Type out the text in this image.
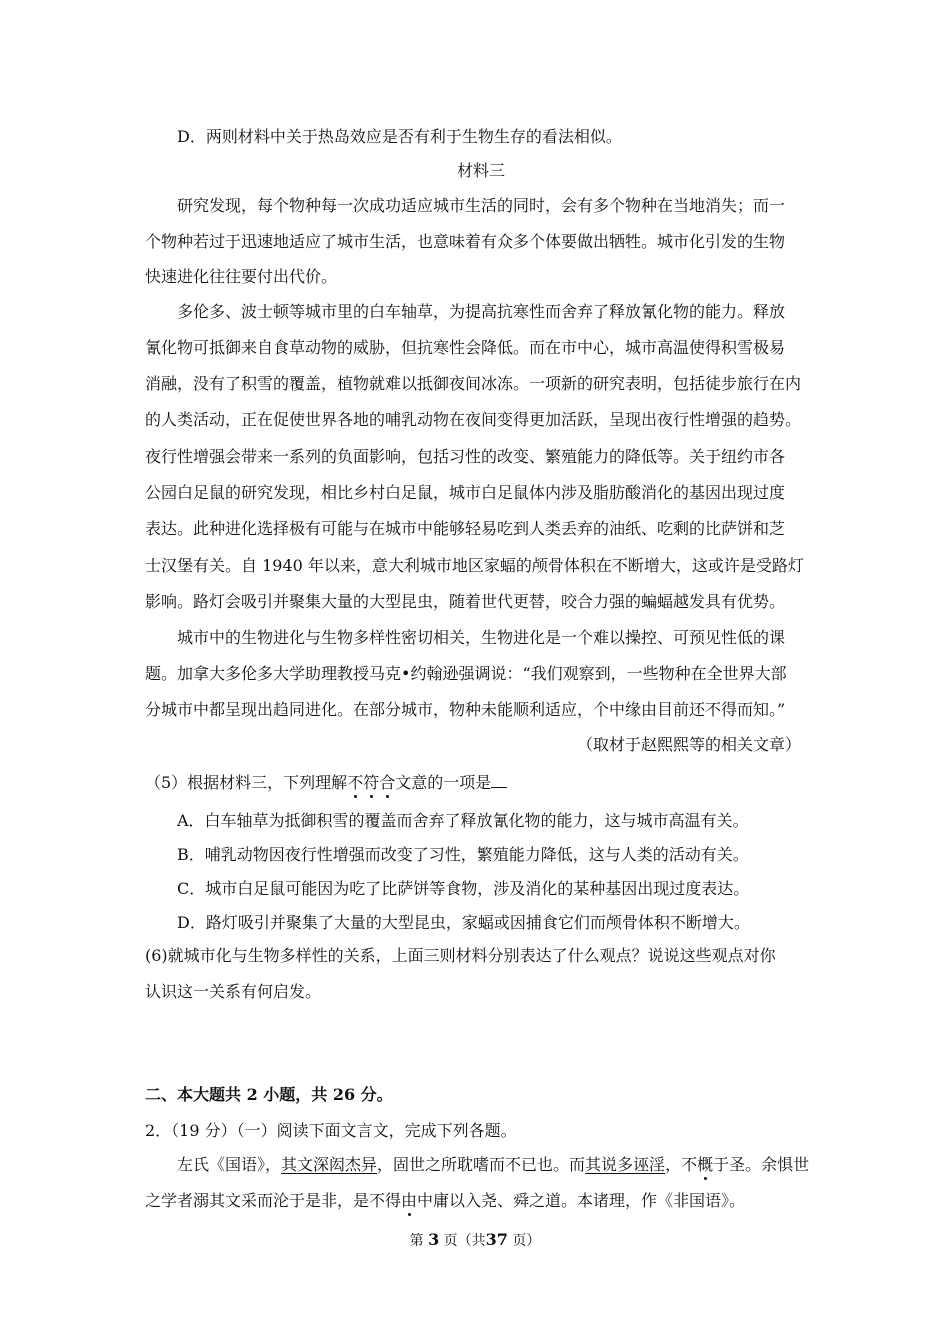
D．两则材料中关于热岛效应是否有利于生物生存的看法相似。
材料三
研究发现，每个物种每一次成功适应城市生活的同时，会有多个物种在当地消失；而一
个物种若过于迅速地适应了城市生活，也意味着有众多个体要做出牺牲。城市化引发的生物
快速进化往往要付出代价。
多伦多、波士顿等城市里的白车轴草，为提高抗寒性而舍弃了释放氰化物的能力。释放
氰化物可抵御来自食草动物的威胁，但抗寒性会降低。而在市中心，城市高温使得积雪极易
消融，没有了积雪的覆盖，植物就难以抵御夜间冰冻。一项新的研究表明，包括徒步旅行在内
的人类活动，正在促使世界各地的哺乳动物在夜间变得更加活跃，呈现出夜行性增强的趋势。
夜行性增强会带来一系列的负面影响，包括习性的改变、繁殖能力的降低等。关于纽约市各
公园白足鼠的研究发现，相比乡村白足鼠，城市白足鼠体内涉及脂肪酸消化的基因出现过度
表达。此种进化选择极有可能与在城市中能够轻易吃到人类丢弃的油纸、吃剩的比萨饼和芝
士汉堡有关。自 1940 年以来，意大利城市地区家蝠的颅骨体积在不断增大，这或许是受路灯
影响。路灯会吸引并聚集大量的大型昆虫，随着世代更替，咬合力强的蝙蝠越发具有优势。
城市中的生物进化与生物多样性密切相关，生物进化是一个难以操控、可预见性低的课
题。加拿大多伦多大学助理教授马克•约翰逊强调说：“我们观察到，一些物种在全世界大部
分城市中都呈现出趋同进化。在部分城市，物种未能顺利适应，个中缘由目前还不得而知。”
（取材于赵熙熙等的相关文章）
（5）根据材料三，下列理解不符合文意的一项是
A．白车轴草为抵御积雪的覆盖而舍弃了释放氰化物的能力，这与城市高温有关。
B．哺乳动物因夜行性增强而改变了习性，繁殖能力降低，这与人类的活动有关。
C．城市白足鼠可能因为吃了比萨饼等食物，涉及消化的某种基因出现过度表达。
D．路灯吸引并聚集了大量的大型昆虫，家蝠或因捕食它们而颅骨体积不断增大。
(6)就城市化与生物多样性的关系，上面三则材料分别表达了什么观点？说说这些观点对你
认识这一关系有何启发。
二、本大题共 2 小题，共 26 分。
2．（19 分）（一）阅读下面文言文，完成下列各题。
左氏《国语》，其文深闳杰异，固世之所耽嗜而不已也。而其说多诬淫，不概于圣。余惧世
之学者溺其文采而沦于是非，是不得由中庸以入尧、舜之道。本诸理，作《非国语》。
第 3 页（共37 页）
